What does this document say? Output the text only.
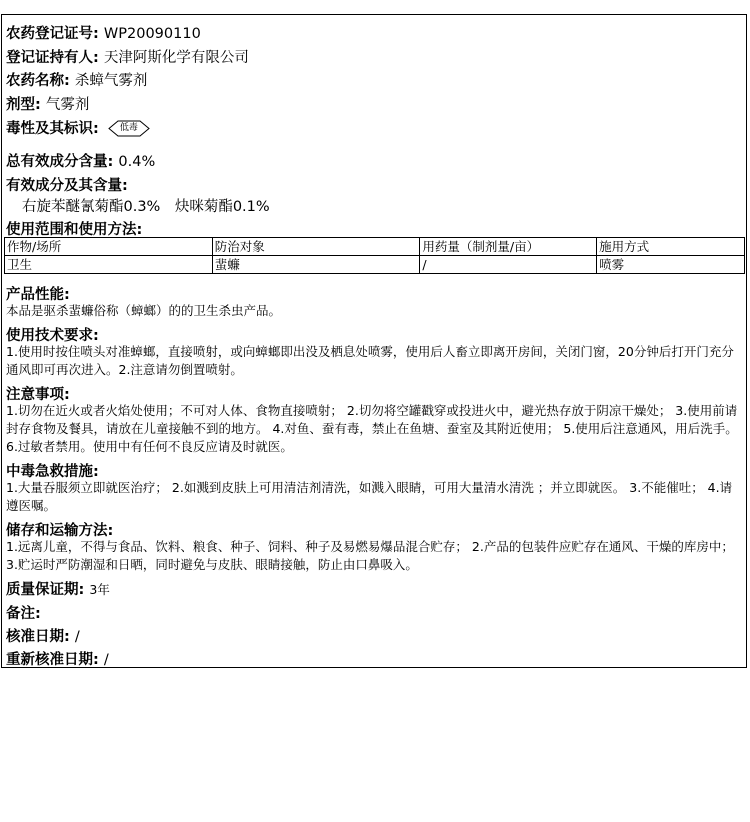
农药登记证号: WP20090110
登记证持有人: 天津阿斯化学有限公司
农药名称: 杀蟑气雾剂
剂型: 气雾剂
毒性及其标识:	低毒
总有效成分含量: 0.4%
有效成分及其含量:
右旋苯醚氰菊酯0.3%　炔咪菊酯0.1%
使用范围和使用方法:
作物/场所	防治对象	用药量（制剂量/亩）	施用方式
卫生	蜚蠊	/	喷雾
产品性能:
本品是驱杀蜚蠊俗称（蟑螂）的的卫生杀虫产品。
使用技术要求:
1.使用时按住喷头对准蟑螂，直接喷射，或向蟑螂即出没及栖息处喷雾，使用后人畜立即离开房间，关闭门窗，20分钟后打开门充分通风即可再次进入。2.注意请勿倒置喷射。
注意事项:
1.切勿在近火或者火焰处使用；不可对人体、食物直接喷射； 2.切勿将空罐戳穿或投进火中，避光热存放于阴凉干燥处； 3.使用前请封存食物及餐具，请放在儿童接触不到的地方。 4.对鱼、蚕有毒，禁止在鱼塘、蚕室及其附近使用； 5.使用后注意通风，用后洗手。 6.过敏者禁用。使用中有任何不良反应请及时就医。
中毒急救措施:
1.大量吞服须立即就医治疗； 2.如溅到皮肤上可用清洁剂清洗，如溅入眼睛，可用大量清水清洗 ；并立即就医。 3.不能催吐； 4.请遵医嘱。
储存和运输方法:
1.远离儿童，不得与食品、饮料、粮食、种子、饲料、种子及易燃易爆品混合贮存； 2.产品的包装件应贮存在通风、干燥的库房中； 3.贮运时严防潮湿和日晒，同时避免与皮肤、眼睛接触，防止由口鼻吸入。
质量保证期: 3年
备注:
核准日期: /
重新核准日期: /
